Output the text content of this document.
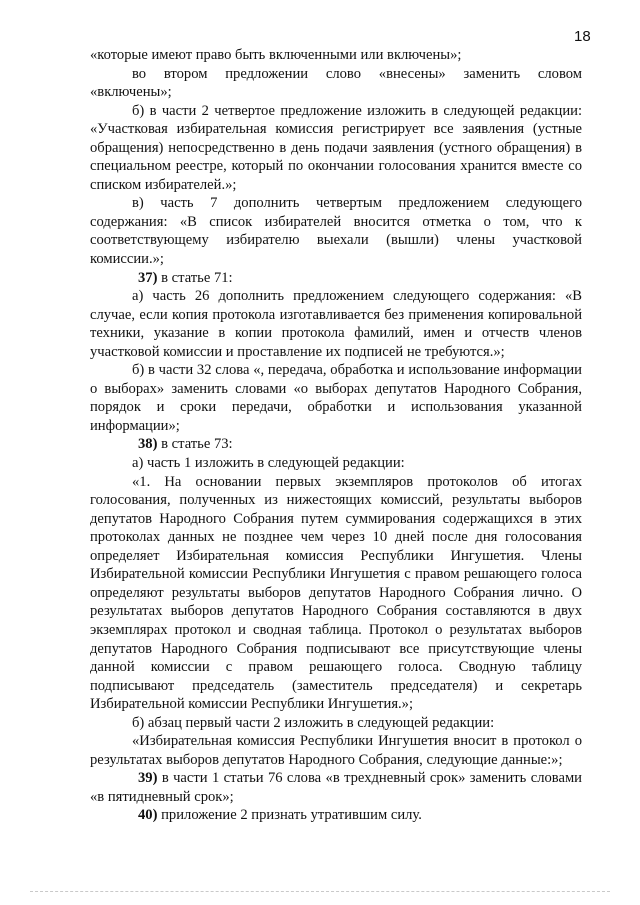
18

«которые имеют право быть включенными или включены»;

во втором предложении слово «внесены» заменить словом «включены»;

б) в части 2 четвертое предложение изложить в следующей редакции: «Участковая избирательная комиссия регистрирует все заявления (устные обращения) непосредственно в день подачи заявления (устного обращения) в специальном реестре, который по окончании голосования хранится вместе со списком избирателей.»;

в) часть 7 дополнить четвертым предложением следующего содержания: «В список избирателей вносится отметка о том, что к соответствующему избирателю выехали (вышли) члены участковой комиссии.»;

37) в статье 71:

а) часть 26 дополнить предложением следующего содержания: «В случае, если копия протокола изготавливается без применения копировальной техники, указание в копии протокола фамилий, имен и отчеств членов участковой комиссии и проставление их подписей не требуются.»;

б) в части 32 слова «, передача, обработка и использование информации о выборах» заменить словами «о выборах депутатов Народного Собрания, порядок и сроки передачи, обработки и использования указанной информации»;

38) в статье 73:

а) часть 1 изложить в следующей редакции:

«1. На основании первых экземпляров протоколов об итогах голосования, полученных из нижестоящих комиссий, результаты выборов депутатов Народного Собрания путем суммирования содержащихся в этих протоколах данных не позднее чем через 10 дней после дня голосования определяет Избирательная комиссия Республики Ингушетия. Члены Избирательной комиссии Республики Ингушетия с правом решающего голоса определяют результаты выборов депутатов Народного Собрания лично. О результатах выборов депутатов Народного Собрания составляются в двух экземплярах протокол и сводная таблица. Протокол о результатах выборов депутатов Народного Собрания подписывают все присутствующие члены данной комиссии с правом решающего голоса. Сводную таблицу подписывают председатель (заместитель председателя) и секретарь Избирательной комиссии Республики Ингушетия.»;

б) абзац первый части 2 изложить в следующей редакции:

«Избирательная комиссия Республики Ингушетия вносит в протокол о результатах выборов депутатов Народного Собрания, следующие данные:»;

39) в части 1 статьи 76 слова «в трехдневный срок» заменить словами «в пятидневный срок»;

40) приложение 2 признать утратившим силу.
